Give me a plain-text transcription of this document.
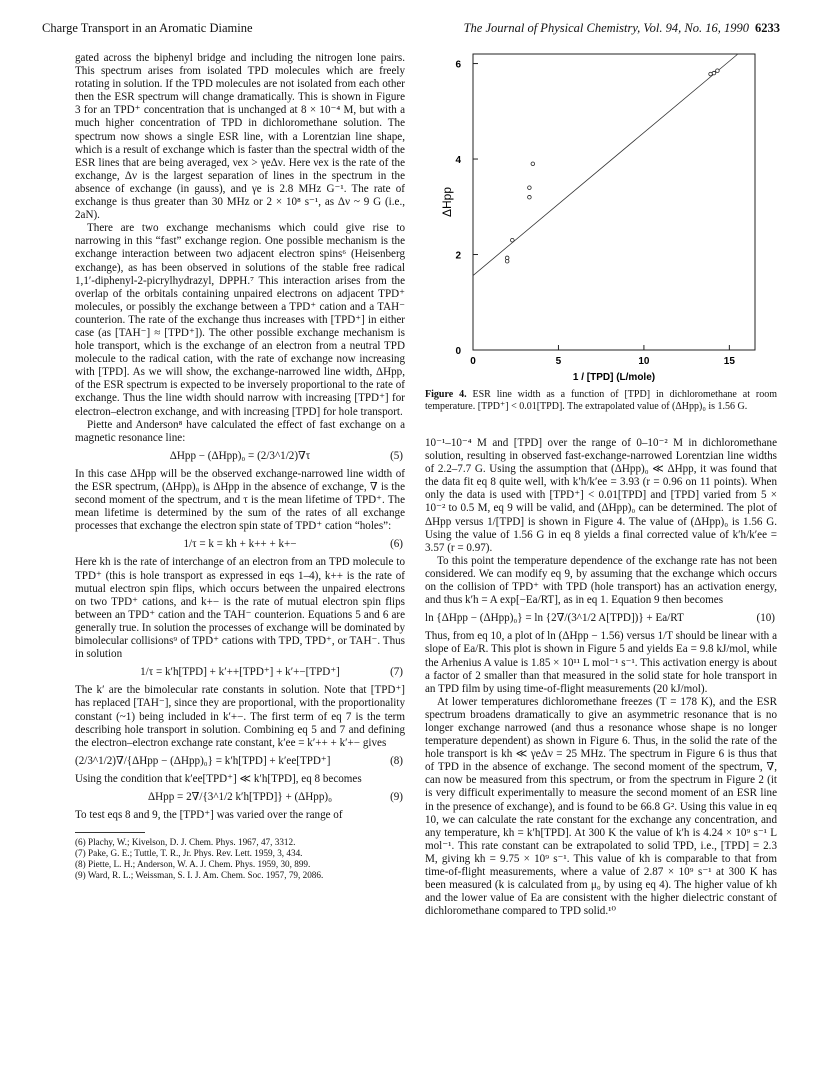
Charge Transport in an Aromatic Diamine	The Journal of Physical Chemistry, Vol. 94, No. 16, 1990 6233

gated across the biphenyl bridge and including the nitrogen lone pairs. This spectrum arises from isolated TPD molecules which are freely rotating in solution. If the TPD molecules are not isolated from each other then the ESR spectrum will change dramatically. This is shown in Figure 3 for an TPD⁺ concentration that is unchanged at 8 × 10⁻⁴ M, but with a much higher concentration of TPD in dichloromethane solution. The spectrum now shows a single ESR line, with a Lorentzian line shape, which is a result of exchange which is faster than the spectral width of the ESR lines that are being averaged, νex > γeΔν. Here νex is the rate of the exchange, Δν is the largest separation of lines in the spectrum in the absence of exchange (in gauss), and γe is 2.8 MHz G⁻¹. The rate of exchange is thus greater than 30 MHz or 2 × 10⁸ s⁻¹, as Δν ~ 9 G (i.e., 2aN).

There are two exchange mechanisms which could give rise to narrowing in this “fast” exchange region. One possible mechanism is the exchange interaction between two adjacent electron spins⁶ (Heisenberg exchange), as has been observed in solutions of the stable free radical 1,1′-diphenyl-2-picrylhydrazyl, DPPH.⁷ This interaction arises from the overlap of the orbitals containing unpaired electrons on adjacent TPD⁺ molecules, or possibly the exchange between a TPD⁺ cation and a TAH⁻ counterion. The rate of the exchange thus increases with [TPD⁺] in either case (as [TAH⁻] ≈ [TPD⁺]). The other possible exchange mechanism is hole transport, which is the exchange of an electron from a neutral TPD molecule to the radical cation, with the rate of exchange now increasing with [TPD]. As we will show, the exchange-narrowed line width, ΔHpp, of the ESR spectrum is expected to be inversely proportional to the rate of exchange. Thus the line width should narrow with increasing [TPD⁺] for electron–electron exchange, and with increasing [TPD] for hole transport.

Piette and Anderson⁸ have calculated the effect of fast exchange on a magnetic resonance line:

ΔHpp − (ΔHpp)₀ = (2/3^1/2)∇τ	(5)

In this case ΔHpp will be the observed exchange-narrowed line width of the ESR spectrum, (ΔHpp)₀ is ΔHpp in the absence of exchange, ∇ is the second moment of the spectrum, and τ is the mean lifetime of TPD⁺. The mean lifetime is determined by the sum of the rates of all exchange processes that exchange the electron spin state of TPD⁺ cation “holes”:

1/τ = k = kh + k++ + k+−	(6)

Here kh is the rate of interchange of an electron from an TPD molecule to TPD⁺ (this is hole transport as expressed in eqs 1–4), k++ is the rate of mutual electron spin flips, which occurs between the unpaired electrons on two TPD⁺ cations, and k+− is the rate of mutual electron spin flips between an TPD⁺ cation and the TAH⁻ counterion. Equations 5 and 6 are generally true. In solution the processes of exchange will be dominated by bimolecular collisions⁹ of TPD⁺ cations with TPD, TPD⁺, or TAH⁻. Thus in solution

1/τ = k′h[TPD] + k′++[TPD⁺] + k′+−[TPD⁺]	(7)

The k′ are the bimolecular rate constants in solution. Note that [TPD⁺] has replaced [TAH⁻], since they are proportional, with the proportionality constant (~1) being included in k′+−. The first term of eq 7 is the term describing hole transport in solution. Combining eq 5 and 7 and defining the electron–electron exchange rate constant, k′ee = k′++ + k′+− gives

(2/3^1/2)∇/{ΔHpp − (ΔHpp)₀} = k′h[TPD] + k′ee[TPD⁺]	(8)

Using the condition that k′ee[TPD⁺] ≪ k′h[TPD], eq 8 becomes

ΔHpp = 2∇/{3^1/2 k′h[TPD]} + (ΔHpp)₀	(9)

To test eqs 8 and 9, the [TPD⁺] was varied over the range of

(6) Plachy, W.; Kivelson, D. J. Chem. Phys. 1967, 47, 3312.
(7) Pake, G. E.; Tuttle, T. R., Jr. Phys. Rev. Lett. 1959, 3, 434.
(8) Piette, L. H.; Anderson, W. A. J. Chem. Phys. 1959, 30, 899.
(9) Ward, R. L.; Weissman, S. I. J. Am. Chem. Soc. 1957, 79, 2086.
0	5	10	15
0
2
4
6
1 / [TPD] (L/mole)
ΔHpp
Figure 4. ESR line width as a function of [TPD] in dichloromethane at room temperature. [TPD⁺] < 0.01[TPD]. The extrapolated value of (ΔHpp)₀ is 1.56 G.

10⁻¹–10⁻⁴ M and [TPD] over the range of 0–10⁻² M in dichloromethane solution, resulting in observed fast-exchange-narrowed Lorentzian line widths of 2.2–7.7 G. Using the assumption that (ΔHpp)₀ ≪ ΔHpp, it was found that the data fit eq 8 quite well, with k′h/k′ee = 3.93 (r = 0.96 on 11 points). When only the data is used with [TPD⁺] < 0.01[TPD] and [TPD] varied from 5 × 10⁻² to 0.5 M, eq 9 will be valid, and (ΔHpp)₀ can be determined. The plot of ΔHpp versus 1/[TPD] is shown in Figure 4. The value of (ΔHpp)₀ is 1.56 G. Using the value of 1.56 G in eq 8 yields a final corrected value of k′h/k′ee = 3.57 (r = 0.97).

To this point the temperature dependence of the exchange rate has not been considered. We can modify eq 9, by assuming that the exchange which occurs on the collision of TPD⁺ with TPD (hole transport) has an activation energy, and thus k′h = A exp[−Ea/RT], as in eq 1. Equation 9 then becomes

ln {ΔHpp − (ΔHpp)₀} = ln {2∇/(3^1/2 A[TPD])} + Ea/RT	(10)

Thus, from eq 10, a plot of ln (ΔHpp − 1.56) versus 1/T should be linear with a slope of Ea/R. This plot is shown in Figure 5 and yields Ea = 9.8 kJ/mol, while the Arhenius A value is 1.85 × 10¹¹ L mol⁻¹ s⁻¹. This activation energy is about a factor of 2 smaller than that measured in the solid state for hole transport in an TPD film by using time-of-flight measurements (20 kJ/mol).

At lower temperatures dichloromethane freezes (T = 178 K), and the ESR spectrum broadens dramatically to give an asymmetric resonance that is no longer exchange narrowed (and thus a resonance whose shape is no longer temperature dependent) as shown in Figure 6. Thus, in the solid the rate of the hole transport is kh ≪ γeΔν = 25 MHz. The spectrum in Figure 6 is thus that of TPD in the absence of exchange. The second moment of the spectrum, ∇, can now be measured from this spectrum, or from the spectrum in Figure 2 (it is very difficult experimentally to measure the second moment of an ESR line in the presence of exchange), and is found to be 66.8 G². Using this value in eq 10, we can calculate the rate constant for the exchange any concentration, and any temperature, kh = k′h[TPD]. At 300 K the value of k′h is 4.24 × 10⁹ s⁻¹ L mol⁻¹. This rate constant can be extrapolated to solid TPD, i.e., [TPD] = 2.3 M, giving kh = 9.75 × 10⁹ s⁻¹. This value of kh is comparable to that from time-of-flight measurements, where a value of 2.87 × 10⁹ s⁻¹ at 300 K has been measured (k is calculated from μ₀ by using eq 4). The higher value of kh and the lower value of Ea are consistent with the higher dielectric constant of dichloromethane compared to TPD solid.¹⁰
